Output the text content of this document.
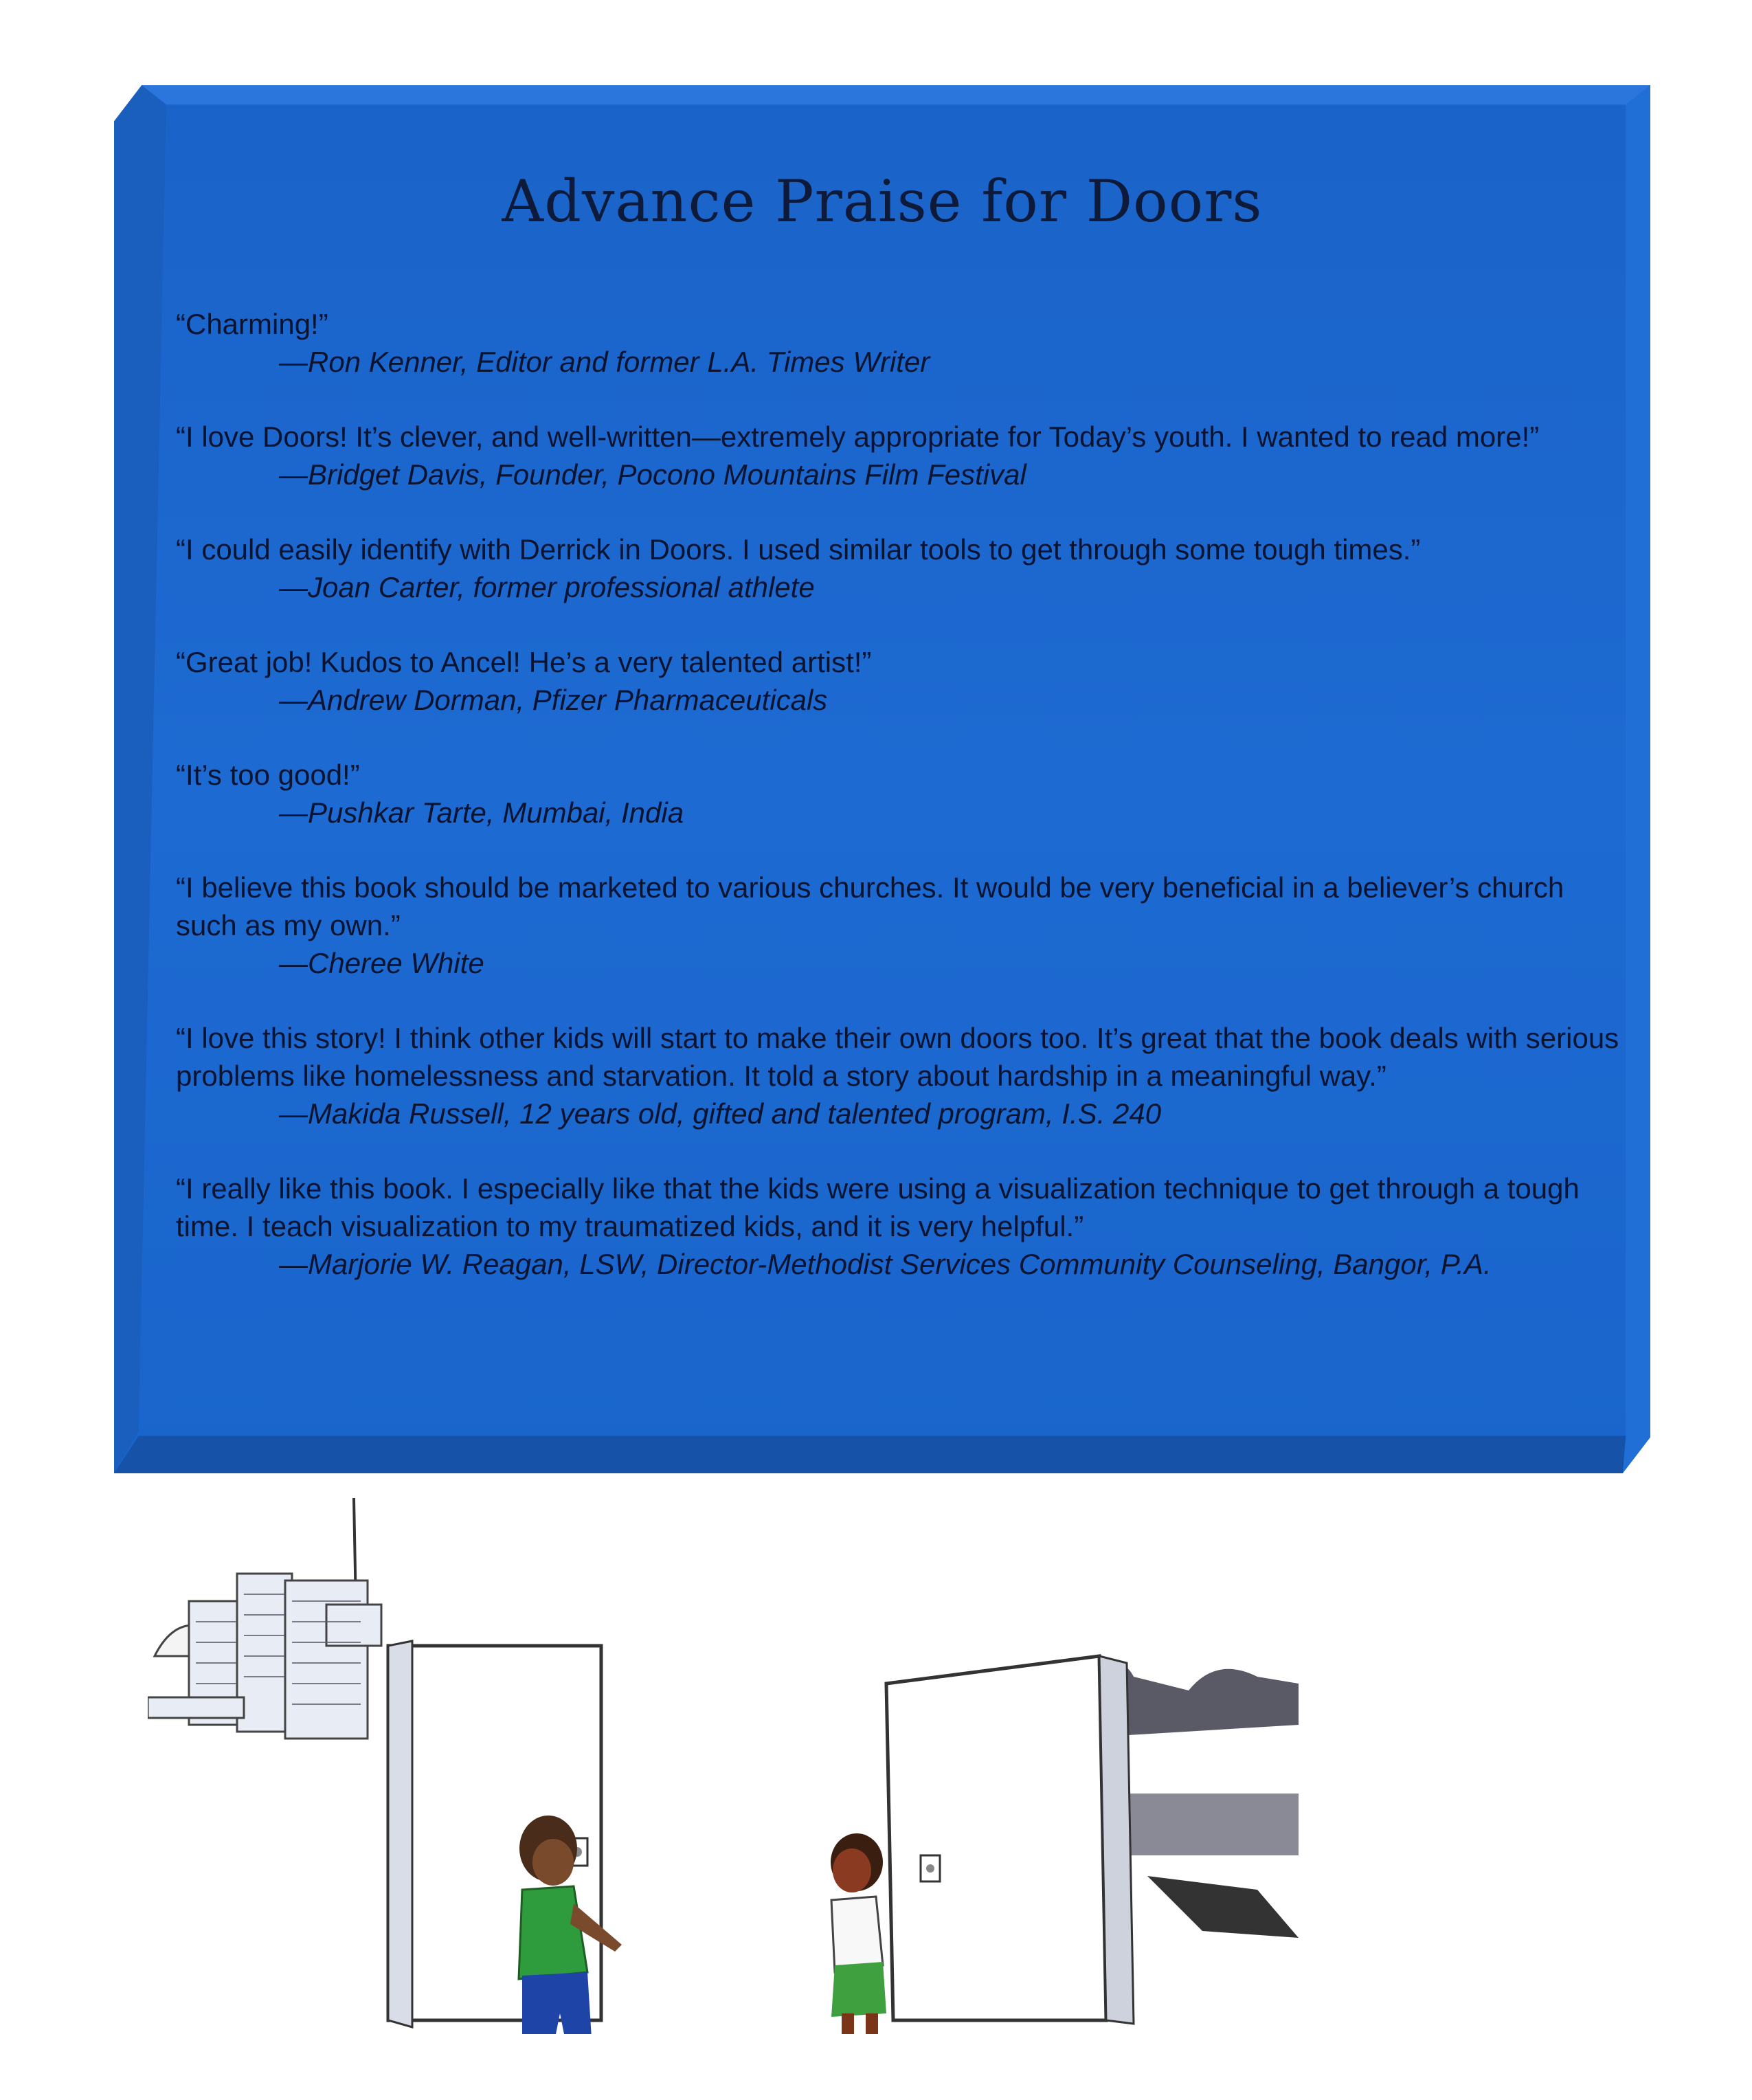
Advance Praise for Doors

“Charming!”

—Ron Kenner, Editor and former L.A. Times Writer

“I love Doors! It’s clever, and well-written—extremely appropriate for Today’s youth. I wanted to read more!”

—Bridget Davis, Founder, Pocono Mountains Film Festival

“I could easily identify with Derrick in Doors. I used similar tools to get through some tough times.”

—Joan Carter, former professional athlete

“Great job! Kudos to Ancel! He’s a very talented artist!”

—Andrew Dorman, Pfizer Pharmaceuticals

“It’s too good!”

—Pushkar Tarte, Mumbai, India

“I believe this book should be marketed to various churches. It would be very beneficial in a believer’s church such as my own.”

—Cheree White

“I love this story! I think other kids will start to make their own doors too. It’s great that the book deals with serious problems like homelessness and starvation. It told a story about hardship in a meaningful way.”

—Makida Russell, 12 years old, gifted and talented program, I.S. 240

“I really like this book. I especially like that the kids were using a visualization technique to get through a tough time. I teach visualization to my traumatized kids, and it is very helpful.”

—Marjorie W. Reagan, LSW, Director-Methodist Services Community Counseling, Bangor, P.A.
